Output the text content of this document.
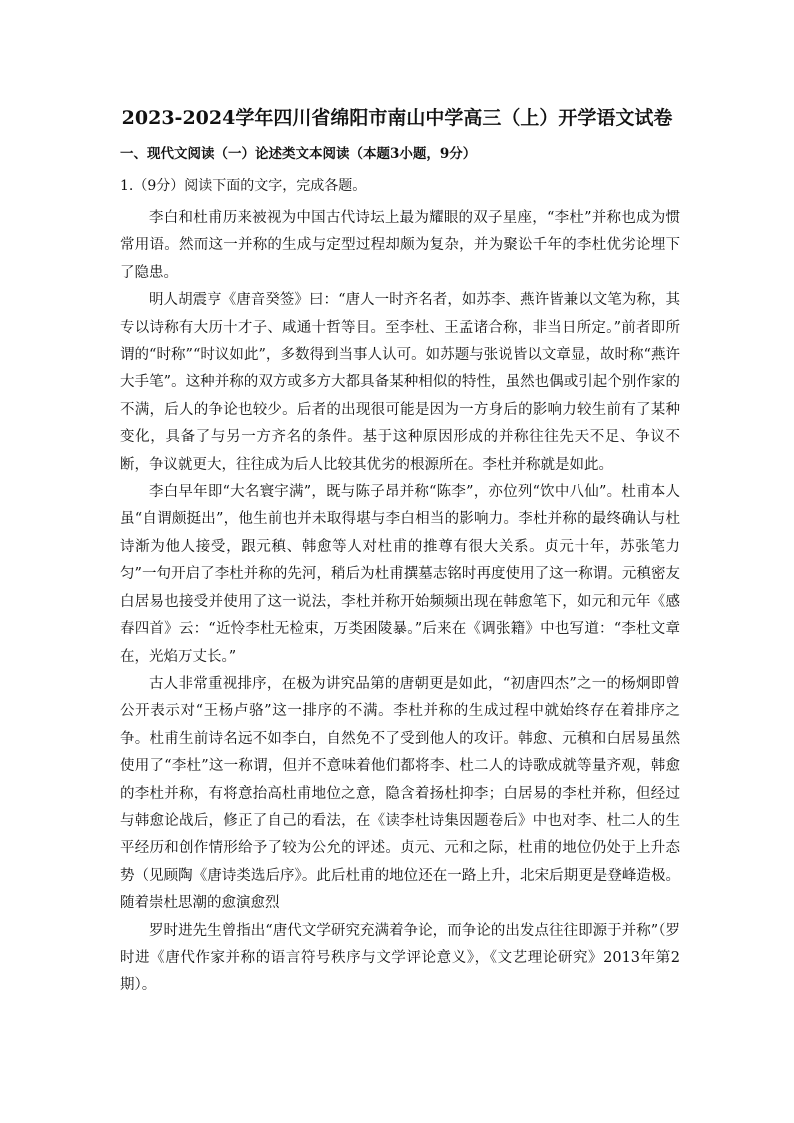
2023-2024学年四川省绵阳市南山中学高三（上）开学语文试卷
一、现代文阅读（一）论述类文本阅读（本题3小题，9分）
1.（9分）阅读下面的文字，完成各题。

李白和杜甫历来被视为中国古代诗坛上最为耀眼的双子星座，“李杜”并称也成为惯常用语。然而这一并称的生成与定型过程却颇为复杂，并为聚讼千年的李杜优劣论埋下了隐患。

明人胡震亨《唐音癸签》曰：“唐人一时齐名者，如苏李、燕许皆兼以文笔为称，其专以诗称有大历十才子、咸通十哲等目。至李杜、王孟诸合称，非当日所定。”前者即所谓的“时称”“时议如此”，多数得到当事人认可。如苏题与张说皆以文章显，故时称“燕许大手笔”。这种并称的双方或多方大都具备某种相似的特性，虽然也偶或引起个别作家的不满，后人的争论也较少。后者的出现很可能是因为一方身后的影响力较生前有了某种变化，具备了与另一方齐名的条件。基于这种原因形成的并称往往先天不足、争议不断，争议就更大，往往成为后人比较其优劣的根源所在。李杜并称就是如此。

李白早年即“大名寰宇满”，既与陈子昂并称“陈李”，亦位列“饮中八仙”。杜甫本人虽“自谓颇挺出”，他生前也并未取得堪与李白相当的影响力。李杜并称的最终确认与杜诗渐为他人接受，跟元稹、韩愈等人对杜甫的推尊有很大关系。贞元十年，苏张笔力匀”一句开启了李杜并称的先河，稍后为杜甫撰墓志铭时再度使用了这一称谓。元稹密友白居易也接受并使用了这一说法，李杜并称开始频频出现在韩愈笔下，如元和元年《感春四首》云：“近怜李杜无检束，万类困陵暴。”后来在《调张籍》中也写道：“李杜文章在，光焰万丈长。”

古人非常重视排序，在极为讲究品第的唐朝更是如此，“初唐四杰”之一的杨炯即曾公开表示对“王杨卢骆”这一排序的不满。李杜并称的生成过程中就始终存在着排序之争。杜甫生前诗名远不如李白，自然免不了受到他人的攻讦。韩愈、元稹和白居易虽然使用了“李杜”这一称谓，但并不意味着他们都将李、杜二人的诗歌成就等量齐观，韩愈的李杜并称，有将意抬高杜甫地位之意，隐含着扬杜抑李；白居易的李杜并称，但经过与韩愈论战后，修正了自己的看法，在《读李杜诗集因题卷后》中也对李、杜二人的生平经历和创作情形给予了较为公允的评述。贞元、元和之际，杜甫的地位仍处于上升态势（见顾陶《唐诗类选后序》。此后杜甫的地位还在一路上升，北宋后期更是登峰造极。随着崇杜思潮的愈演愈烈

罗时进先生曾指出“唐代文学研究充满着争论，而争论的出发点往往即源于并称”（罗时进《唐代作家并称的语言符号秩序与文学评论意义》，《文艺理论研究》2013年第2期）。
